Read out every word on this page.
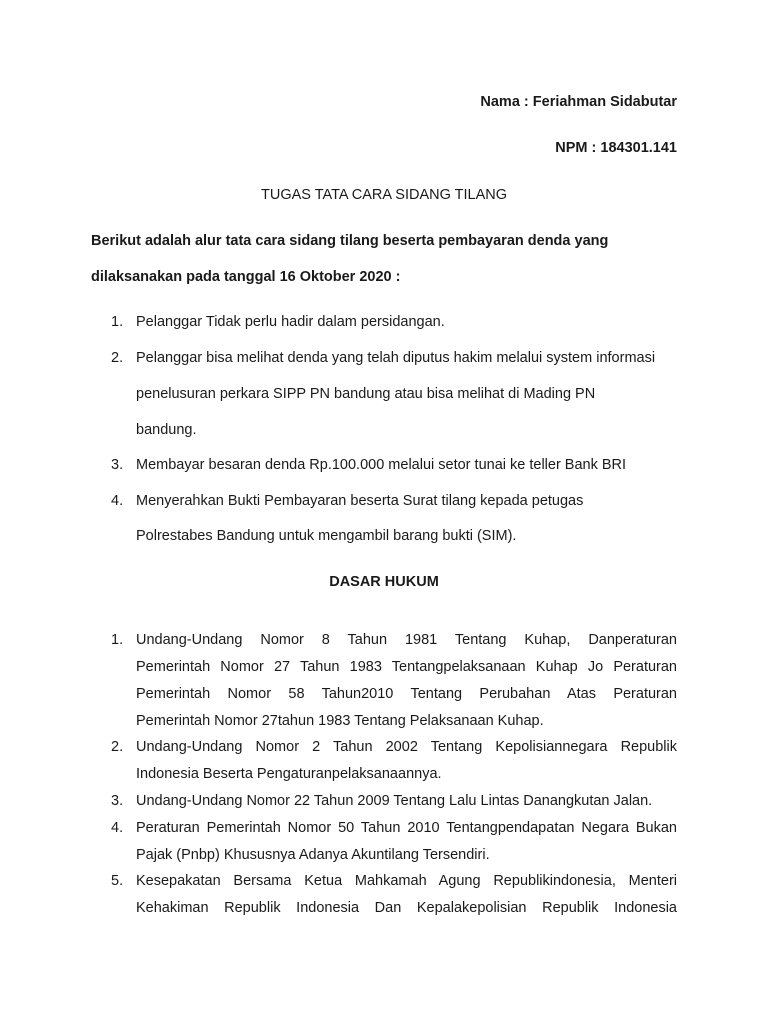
Nama : Feriahman Sidabutar
NPM : 184301.141
TUGAS TATA CARA SIDANG TILANG
Berikut adalah alur tata cara sidang tilang beserta pembayaran denda yang
dilaksanakan pada tanggal 16 Oktober 2020 :
1. Pelanggar Tidak perlu hadir dalam persidangan.
2. Pelanggar bisa melihat denda yang telah diputus hakim melalui system informasi
penelusuran perkara SIPP PN bandung atau bisa melihat di Mading PN
bandung.
3. Membayar besaran denda Rp.100.000 melalui setor tunai ke teller Bank BRI
4. Menyerahkan Bukti Pembayaran beserta Surat tilang kepada petugas
Polrestabes Bandung untuk mengambil barang bukti (SIM).
DASAR HUKUM
1. Undang-Undang Nomor 8 Tahun 1981 Tentang Kuhap, Danperaturan
Pemerintah Nomor 27 Tahun 1983 Tentangpelaksanaan Kuhap Jo Peraturan
Pemerintah Nomor 58 Tahun2010 Tentang Perubahan Atas Peraturan
Pemerintah Nomor 27tahun 1983 Tentang Pelaksanaan Kuhap.
2. Undang-Undang Nomor 2 Tahun 2002 Tentang Kepolisiannegara Republik
Indonesia Beserta Pengaturanpelaksanaannya.
3. Undang-Undang Nomor 22 Tahun 2009 Tentang Lalu Lintas Danangkutan Jalan.
4. Peraturan Pemerintah Nomor 50 Tahun 2010 Tentangpendapatan Negara Bukan
Pajak (Pnbp) Khususnya Adanya Akuntilang Tersendiri.
5. Kesepakatan Bersama Ketua Mahkamah Agung Republikindonesia, Menteri
Kehakiman Republik Indonesia Dan Kepalakepolisian Republik Indonesia
